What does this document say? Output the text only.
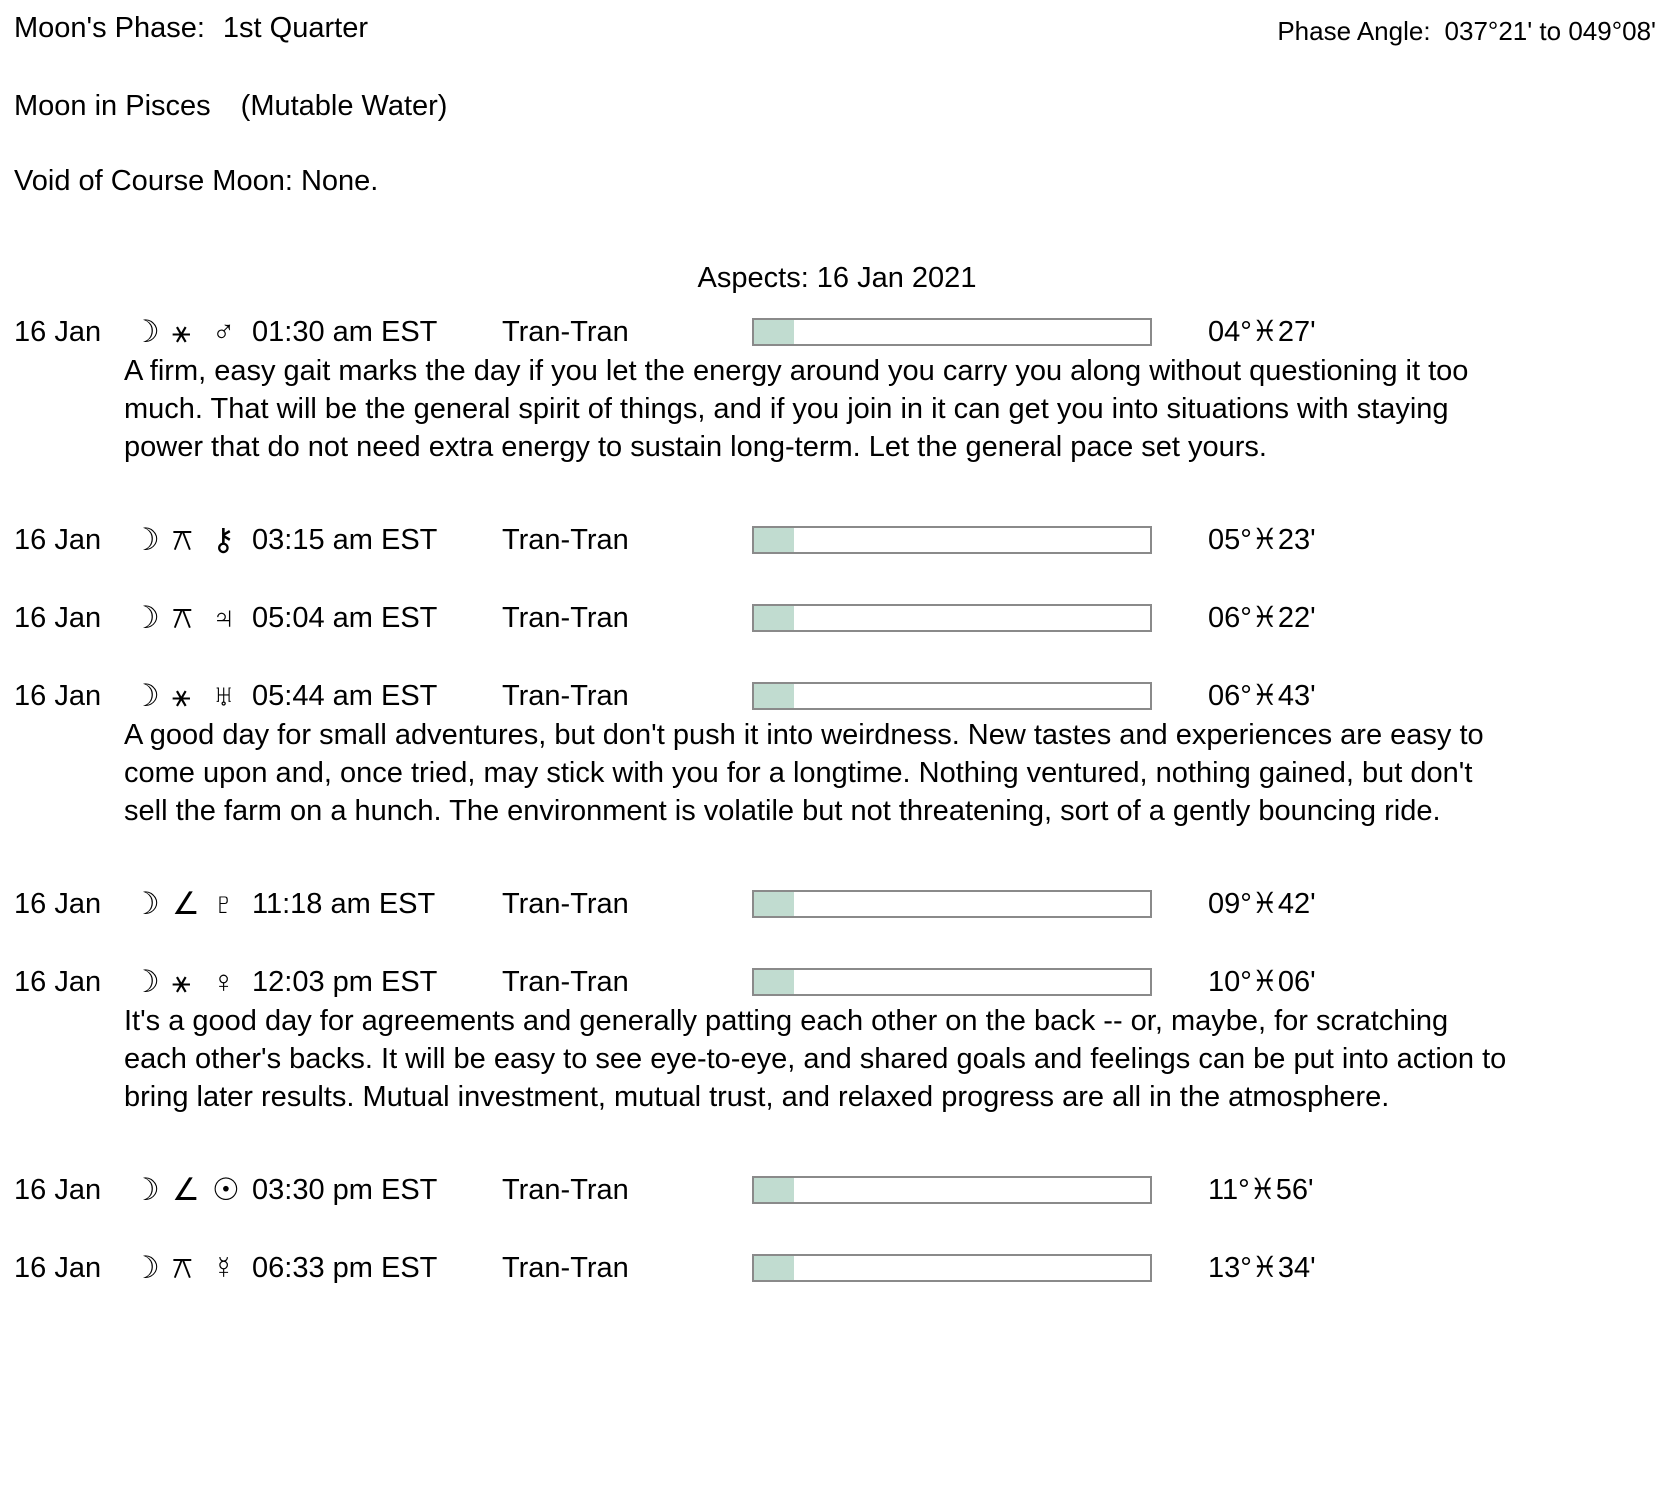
Moon's Phase: 1st Quarter	Phase Angle: 037°21' to 049°08'
Moon in Pisces (Mutable Water)
Void of Course Moon: None.
Aspects: 16 Jan 2021
16 Jan ☽ ⚹ ♂ 01:30 am EST	Tran-Tran	04°♓27'

A firm, easy gait marks the day if you let the energy around you carry you along without questioning it too much. That will be the general spirit of things, and if you join in it can get you into situations with staying power that do not need extra energy to sustain long-term. Let the general pace set yours.

16 Jan ☽ ⚻ ⚷ 03:15 am EST	Tran-Tran	05°♓23'
16 Jan ☽ ⚻ ♃ 05:04 am EST	Tran-Tran	06°♓22'
16 Jan ☽ ⚹ ♅ 05:44 am EST	Tran-Tran	06°♓43'

A good day for small adventures, but don't push it into weirdness. New tastes and experiences are easy to come upon and, once tried, may stick with you for a longtime. Nothing ventured, nothing gained, but don't sell the farm on a hunch. The environment is volatile but not threatening, sort of a gently bouncing ride.

16 Jan ☽ ∠ ♇ 11:18 am EST	Tran-Tran	09°♓42'
16 Jan ☽ ⚹ ♀ 12:03 pm EST	Tran-Tran	10°♓06'

It's a good day for agreements and generally patting each other on the back -- or, maybe, for scratching each other's backs. It will be easy to see eye-to-eye, and shared goals and feelings can be put into action to bring later results. Mutual investment, mutual trust, and relaxed progress are all in the atmosphere.

16 Jan ☽ ∠ ☉ 03:30 pm EST	Tran-Tran	11°♓56'
16 Jan ☽ ⚻ ☿ 06:33 pm EST	Tran-Tran	13°♓34'
